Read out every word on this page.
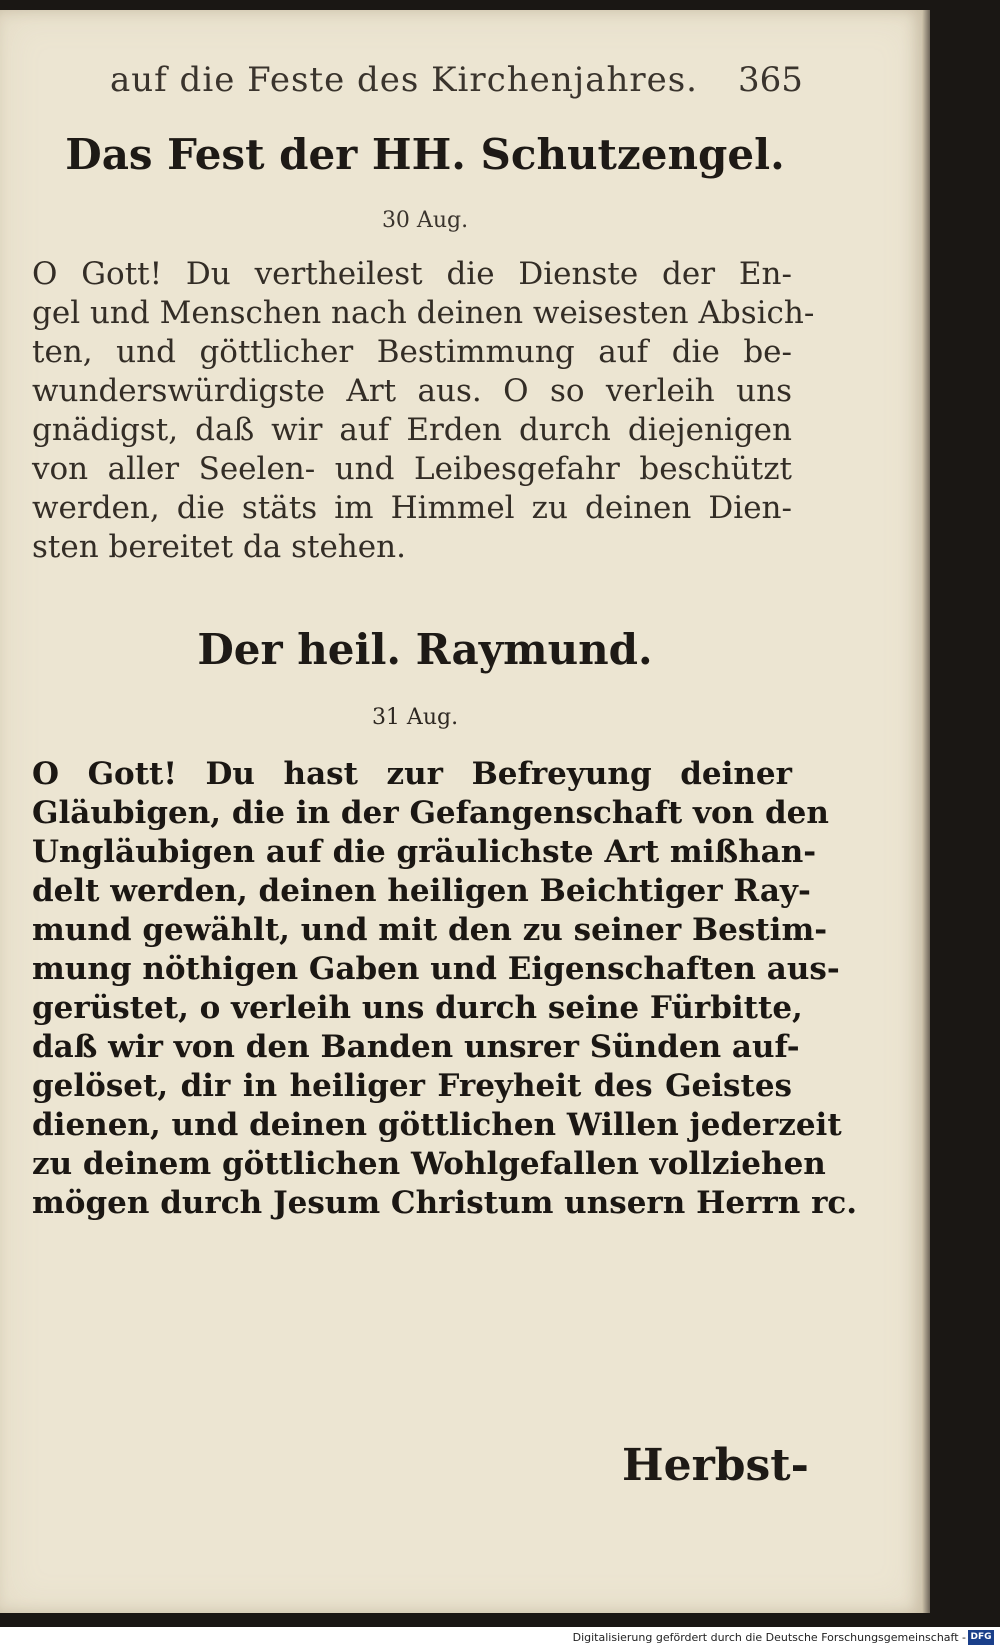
auf die Feste des Kirchenjahres.	365
Das Fest der HH. Schutzengel.
30 Aug.
O Gott! Du vertheilest die Dienste der En-
gel und Menschen nach deinen weisesten Absich-
ten, und göttlicher Bestimmung auf die be-
wunderswürdigste Art aus. O so verleih uns
gnädigst, daß wir auf Erden durch diejenigen
von aller Seelen- und Leibesgefahr beschützt
werden, die stäts im Himmel zu deinen Dien-
sten bereitet da stehen.
Der heil. Raymund.
31 Aug.
O Gott! Du hast zur Befreyung deiner
Gläubigen, die in der Gefangenschaft von den
Ungläubigen auf die gräulichste Art mißhan-
delt werden, deinen heiligen Beichtiger Ray-
mund gewählt, und mit den zu seiner Bestim-
mung nöthigen Gaben und Eigenschaften aus-
gerüstet, o verleih uns durch seine Fürbitte,
daß wir von den Banden unsrer Sünden auf-
gelöset, dir in heiliger Freyheit des Geistes
dienen, und deinen göttlichen Willen jederzeit
zu deinem göttlichen Wohlgefallen vollziehen
mögen durch Jesum Christum unsern Herrn rc.
Herbst-
Digitalisierung gefördert durch die Deutsche Forschungsgemeinschaft - DFG
